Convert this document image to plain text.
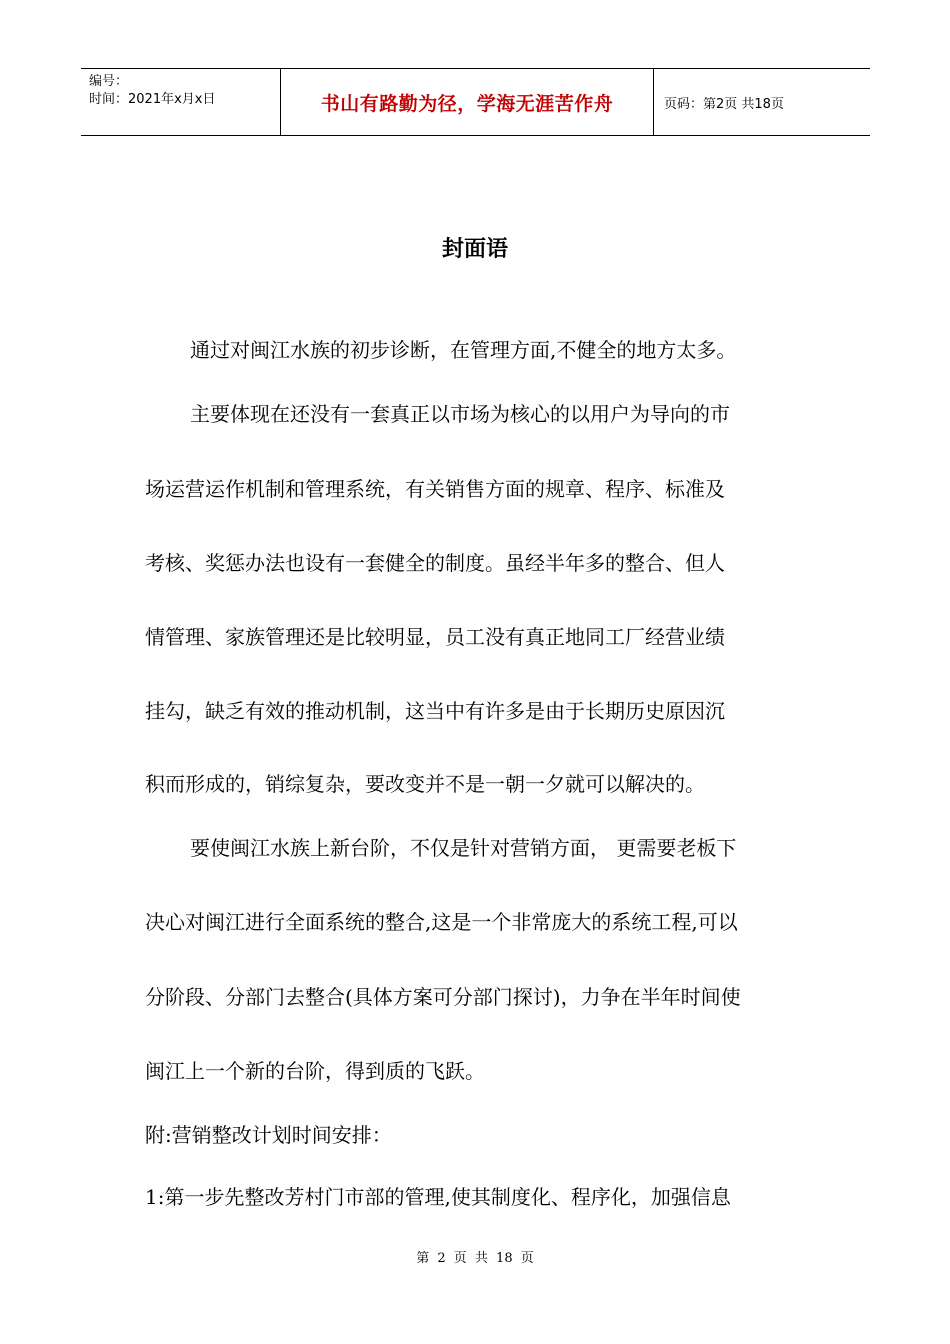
编号：
时间：2021年x月x日	书山有路勤为径，学海无涯苦作舟	页码：第2页 共18页
封面语
通过对闽江水族的初步诊断，在管理方面,不健全的地方太多。
主要体现在还没有一套真正以市场为核心的以用户为导向的市
场运营运作机制和管理系统，有关销售方面的规章、程序、标准及
考核、奖惩办法也设有一套健全的制度。虽经半年多的整合、但人
情管理、家族管理还是比较明显，员工没有真正地同工厂经营业绩
挂勾，缺乏有效的推动机制，这当中有许多是由于长期历史原因沉
积而形成的，销综复杂，要改变并不是一朝一夕就可以解决的。
要使闽江水族上新台阶，不仅是针对营销方面， 更需要老板下
决心对闽江进行全面系统的整合,这是一个非常庞大的系统工程,可以
分阶段、分部门去整合(具体方案可分部门探讨)，力争在半年时间使
闽江上一个新的台阶，得到质的飞跃。
附:营销整改计划时间安排：
1:第一步先整改芳村门市部的管理,使其制度化、程序化，加强信息
第 2 页 共 18 页
